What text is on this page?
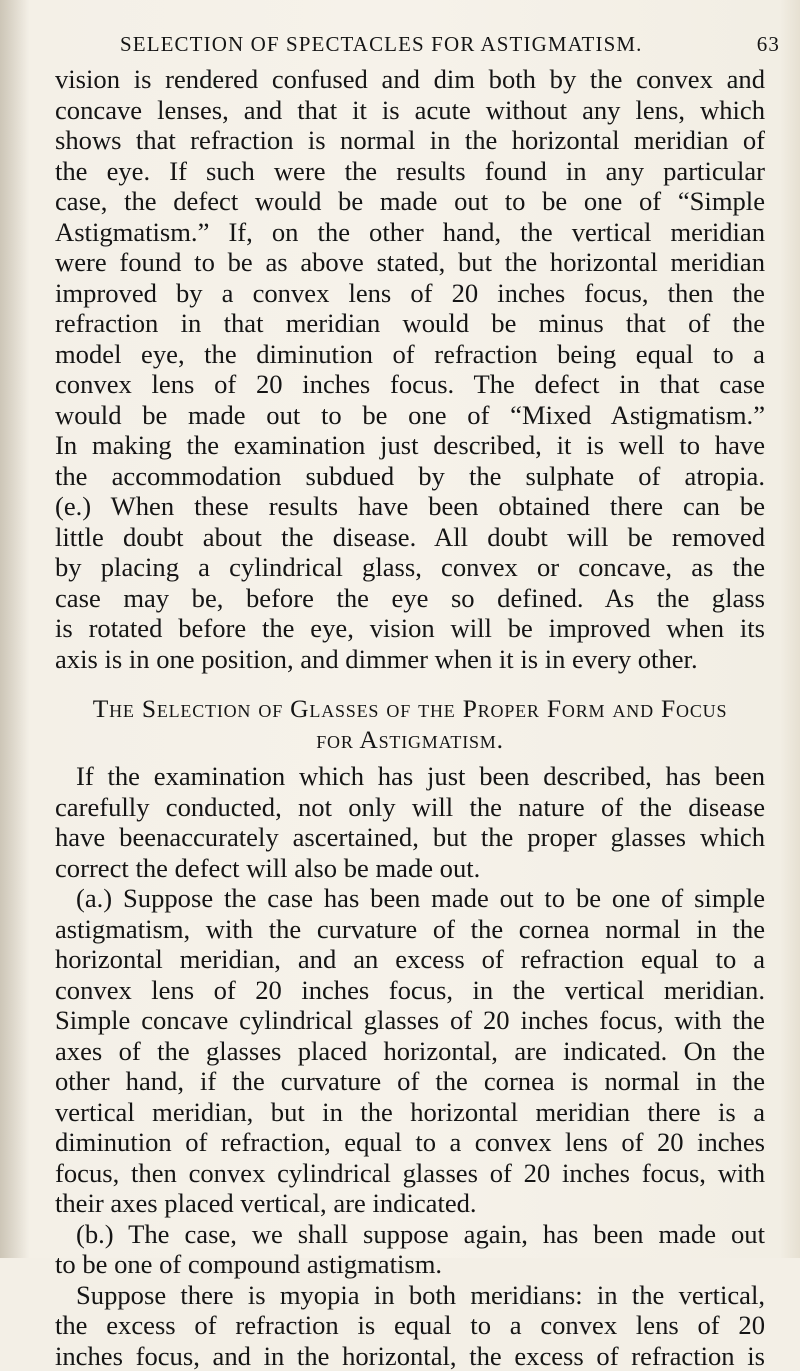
SELECTION OF SPECTACLES FOR ASTIGMATISM.	63
vision is rendered confused and dim both by the convex and
concave lenses, and that it is acute without any lens, which
shows that refraction is normal in the horizontal meridian of
the eye. If such were the results found in any particular
case, the defect would be made out to be one of “Simple
Astigmatism.” If, on the other hand, the vertical meridian
were found to be as above stated, but the horizontal meridian
improved by a convex lens of 20 inches focus, then the
refraction in that meridian would be minus that of the
model eye, the diminution of refraction being equal to a
convex lens of 20 inches focus. The defect in that case
would be made out to be one of “Mixed Astigmatism.”
In making the examination just described, it is well to have
the accommodation subdued by the sulphate of atropia.
(e.) When these results have been obtained there can be
little doubt about the disease. All doubt will be removed
by placing a cylindrical glass, convex or concave, as the
case may be, before the eye so defined. As the glass
is rotated before the eye, vision will be improved when its
axis is in one position, and dimmer when it is in every other.
The Selection of Glasses of the Proper Form and Focus
for Astigmatism.
If the examination which has just been described, has been
carefully conducted, not only will the nature of the disease
have beenaccurately ascertained, but the proper glasses which
correct the defect will also be made out.
(a.) Suppose the case has been made out to be one of simple
astigmatism, with the curvature of the cornea normal in the
horizontal meridian, and an excess of refraction equal to a
convex lens of 20 inches focus, in the vertical meridian.
Simple concave cylindrical glasses of 20 inches focus, with the
axes of the glasses placed horizontal, are indicated. On the
other hand, if the curvature of the cornea is normal in the
vertical meridian, but in the horizontal meridian there is a
diminution of refraction, equal to a convex lens of 20 inches
focus, then convex cylindrical glasses of 20 inches focus, with
their axes placed vertical, are indicated.
(b.) The case, we shall suppose again, has been made out
to be one of compound astigmatism.
Suppose there is myopia in both meridians: in the vertical,
the excess of refraction is equal to a convex lens of 20
inches focus, and in the horizontal, the excess of refraction is
